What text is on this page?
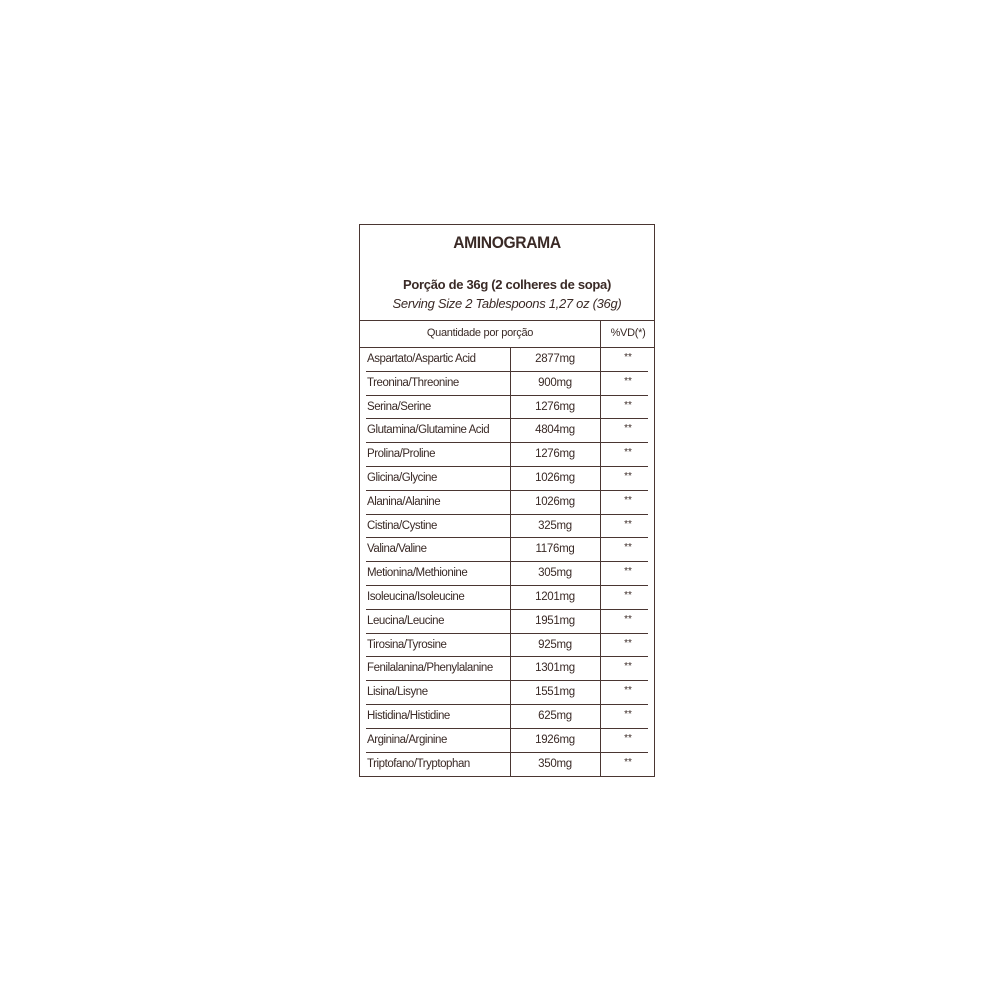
AMINOGRAMA
Porção de 36g (2 colheres de sopa)
Serving Size 2 Tablespoons 1,27 oz (36g)
Quantidade por porção	%VD(*)
Aspartato/Aspartic Acid	2877mg	**
Treonina/Threonine	900mg	**
Serina/Serine	1276mg	**
Glutamina/Glutamine Acid	4804mg	**
Prolina/Proline	1276mg	**
Glicina/Glycine	1026mg	**
Alanina/Alanine	1026mg	**
Cistina/Cystine	325mg	**
Valina/Valine	1176mg	**
Metionina/Methionine	305mg	**
Isoleucina/Isoleucine	1201mg	**
Leucina/Leucine	1951mg	**
Tirosina/Tyrosine	925mg	**
Fenilalanina/Phenylalanine	1301mg	**
Lisina/Lisyne	1551mg	**
Histidina/Histidine	625mg	**
Arginina/Arginine	1926mg	**
Triptofano/Tryptophan	350mg	**
